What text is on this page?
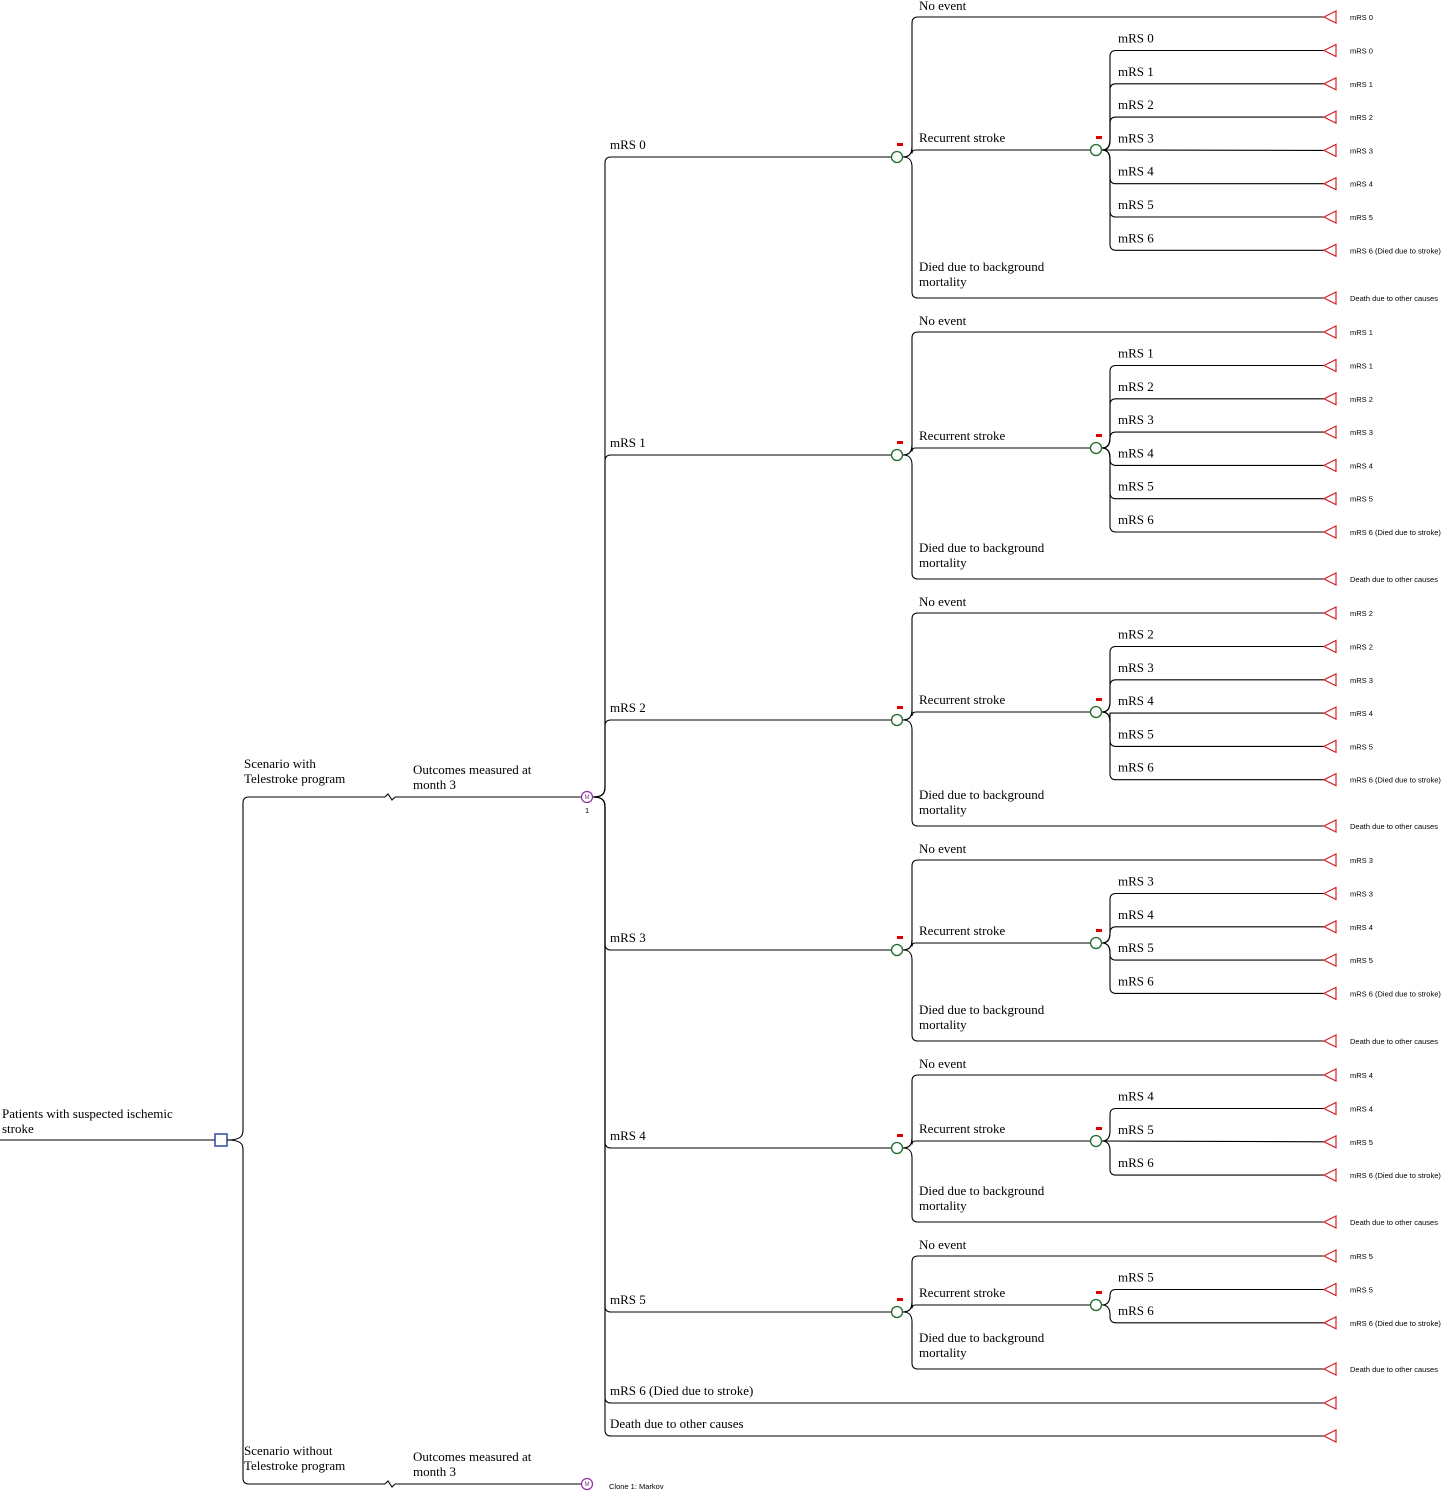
Patients with suspected ischemic
stroke
Scenario with
Telestroke program
Outcomes measured at
month 3
M
1
Scenario without
Telestroke program
Outcomes measured at
month 3
M	Clone 1: Markov
mRS 0
No event
mRS 0
Recurrent stroke
mRS 0
mRS 0
mRS 1
mRS 1
mRS 2
mRS 2
mRS 3
mRS 3
mRS 4
mRS 4
mRS 5
mRS 5
mRS 6
mRS 6 (Died due to stroke)
Died due to background
mortality
Death due to other causes
mRS 1
No event
mRS 1
Recurrent stroke
mRS 1
mRS 1
mRS 2
mRS 2
mRS 3
mRS 3
mRS 4
mRS 4
mRS 5
mRS 5
mRS 6
mRS 6 (Died due to stroke)
Died due to background
mortality
Death due to other causes
mRS 2
No event
mRS 2
Recurrent stroke
mRS 2
mRS 2
mRS 3
mRS 3
mRS 4
mRS 4
mRS 5
mRS 5
mRS 6
mRS 6 (Died due to stroke)
Died due to background
mortality
Death due to other causes
mRS 3
No event
mRS 3
Recurrent stroke
mRS 3
mRS 3
mRS 4
mRS 4
mRS 5
mRS 5
mRS 6
mRS 6 (Died due to stroke)
Died due to background
mortality
Death due to other causes
mRS 4
No event
mRS 4
Recurrent stroke
mRS 4
mRS 4
mRS 5
mRS 5
mRS 6
mRS 6 (Died due to stroke)
Died due to background
mortality
Death due to other causes
mRS 5
No event
mRS 5
Recurrent stroke
mRS 5
mRS 5
mRS 6
mRS 6 (Died due to stroke)
Died due to background
mortality
Death due to other causes
mRS 6 (Died due to stroke)
Death due to other causes
